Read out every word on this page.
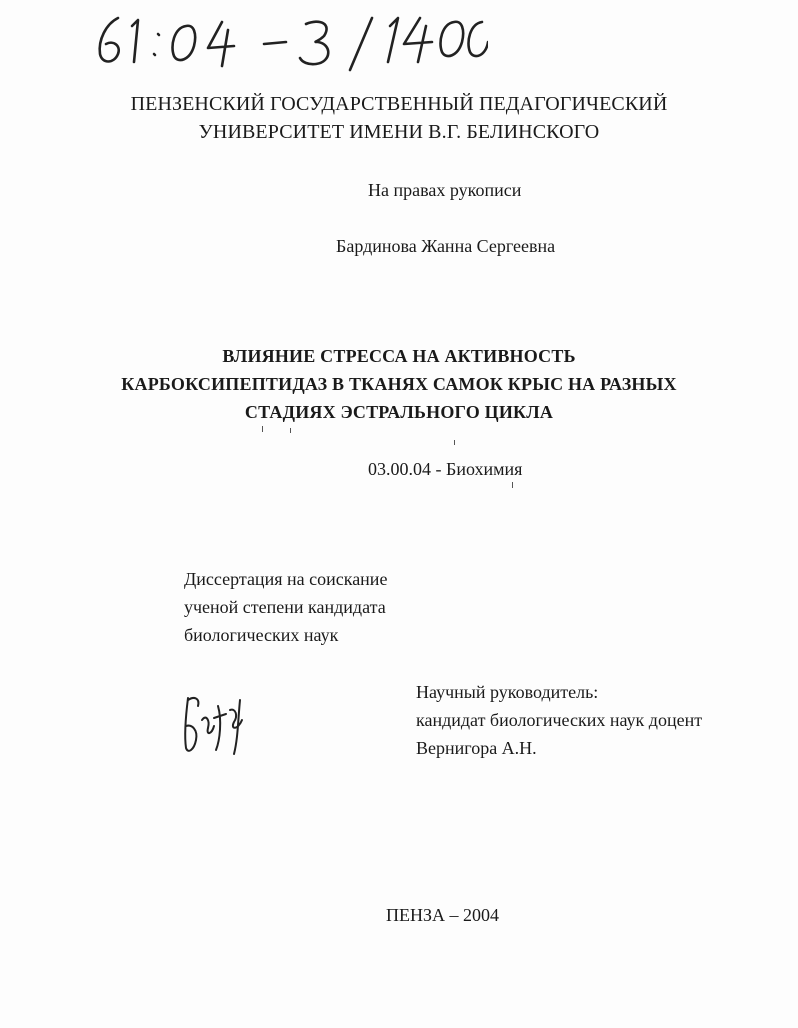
ПЕНЗЕНСКИЙ ГОСУДАРСТВЕННЫЙ ПЕДАГОГИЧЕСКИЙ
УНИВЕРСИТЕТ ИМЕНИ В.Г. БЕЛИНСКОГО
На правах рукописи
Бардинова Жанна Сергеевна
ВЛИЯНИЕ СТРЕССА НА АКТИВНОСТЬ
КАРБОКСИПЕПТИДАЗ В ТКАНЯХ САМОК КРЫС НА РАЗНЫХ
СТАДИЯХ ЭСТРАЛЬНОГО ЦИКЛА
03.00.04 - Биохимия
Диссертация на соискание
ученой степени кандидата
биологических наук
Научный руководитель:
кандидат биологических наук доцент
Вернигора А.Н.
ПЕНЗА – 2004
